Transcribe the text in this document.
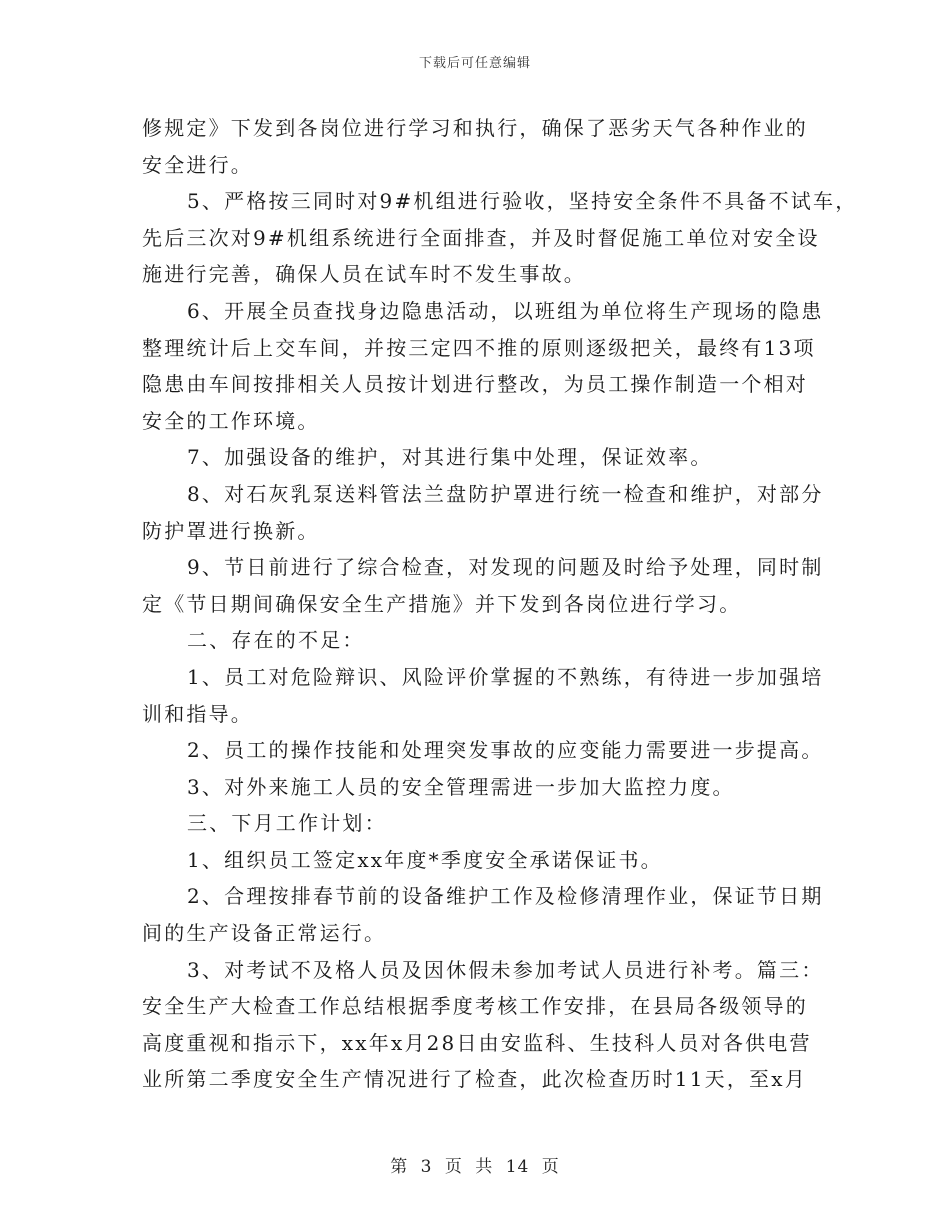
下载后可任意编辑
修规定》下发到各岗位进行学习和执行，确保了恶劣天气各种作业的
安全进行。
5、严格按三同时对9#机组进行验收，坚持安全条件不具备不试车，
先后三次对9#机组系统进行全面排查，并及时督促施工单位对安全设
施进行完善，确保人员在试车时不发生事故。
6、开展全员查找身边隐患活动，以班组为单位将生产现场的隐患
整理统计后上交车间，并按三定四不推的原则逐级把关，最终有13项
隐患由车间按排相关人员按计划进行整改，为员工操作制造一个相对
安全的工作环境。
7、加强设备的维护，对其进行集中处理，保证效率。
8、对石灰乳泵送料管法兰盘防护罩进行统一检查和维护，对部分
防护罩进行换新。
9、节日前进行了综合检查，对发现的问题及时给予处理，同时制
定《节日期间确保安全生产措施》并下发到各岗位进行学习。
二、存在的不足：
1、员工对危险辩识、风险评价掌握的不熟练，有待进一步加强培
训和指导。
2、员工的操作技能和处理突发事故的应变能力需要进一步提高。
3、对外来施工人员的安全管理需进一步加大监控力度。
三、下月工作计划：
1、组织员工签定xx年度*季度安全承诺保证书。
2、合理按排春节前的设备维护工作及检修清理作业，保证节日期
间的生产设备正常运行。
3、对考试不及格人员及因休假未参加考试人员进行补考。篇三：
安全生产大检查工作总结根据季度考核工作安排，在县局各级领导的
高度重视和指示下，xx年x月28日由安监科、生技科人员对各供电营
业所第二季度安全生产情况进行了检查，此次检查历时11天，至x月
第 3 页 共 14 页
